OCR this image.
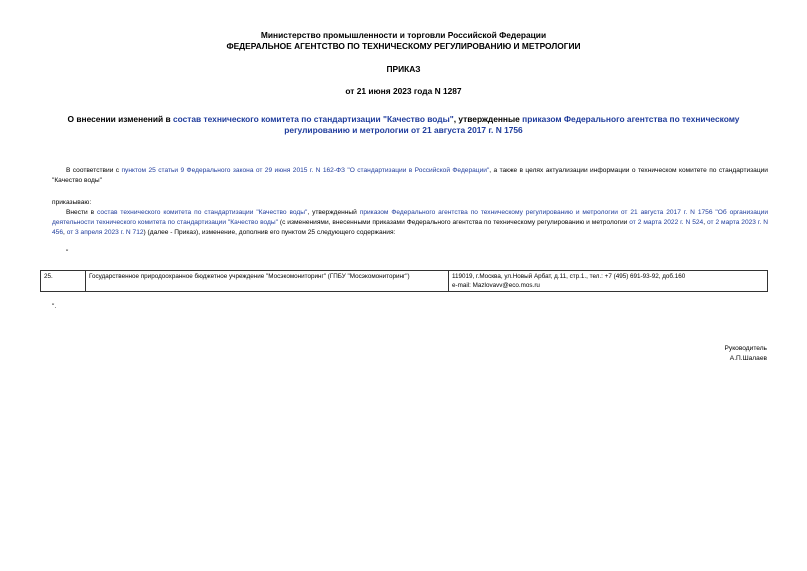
Министерство промышленности и торговли Российской Федерации
ФЕДЕРАЛЬНОЕ АГЕНТСТВО ПО ТЕХНИЧЕСКОМУ РЕГУЛИРОВАНИЮ И МЕТРОЛОГИИ
ПРИКАЗ
от 21 июня 2023 года N 1287
О внесении изменений в состав технического комитета по стандартизации "Качество воды", утвержденные приказом Федерального агентства по техническому регулированию и метрологии от 21 августа 2017 г. N 1756
В соответствии с пунктом 25 статьи 9 Федерального закона от 29 июня 2015 г. N 162-ФЗ "О стандартизации в Российской Федерации", а также в целях актуализации информации о техническом комитете по стандартизации "Качество воды"
приказываю:
Внести в состав технического комитета по стандартизации "Качество воды", утвержденный приказом Федерального агентства по техническому регулированию и метрологии от 21 августа 2017 г. N 1756 "Об организации деятельности технического комитета по стандартизации "Качество воды" (с изменениями, внесенными приказами Федерального агентства по техническому регулированию и метрологии от 2 марта 2022 г. N 524, от 2 марта 2023 г. N 456, от 3 апреля 2023 г. N 712) (далее - Приказ), изменение, дополнив его пунктом 25 следующего содержания:
"
25.	Государственное природоохранное бюджетное учреждение "Мосэкомониторинг" (ГПБУ "Мосэкомониторинг")	119019, г.Москва, ул.Новый Арбат, д.11, стр.1., тел.: +7 (495) 691-93-92, доб.160
e-mail: Mazlovavv@eco.mos.ru
".
Руководитель
А.П.Шалаев
